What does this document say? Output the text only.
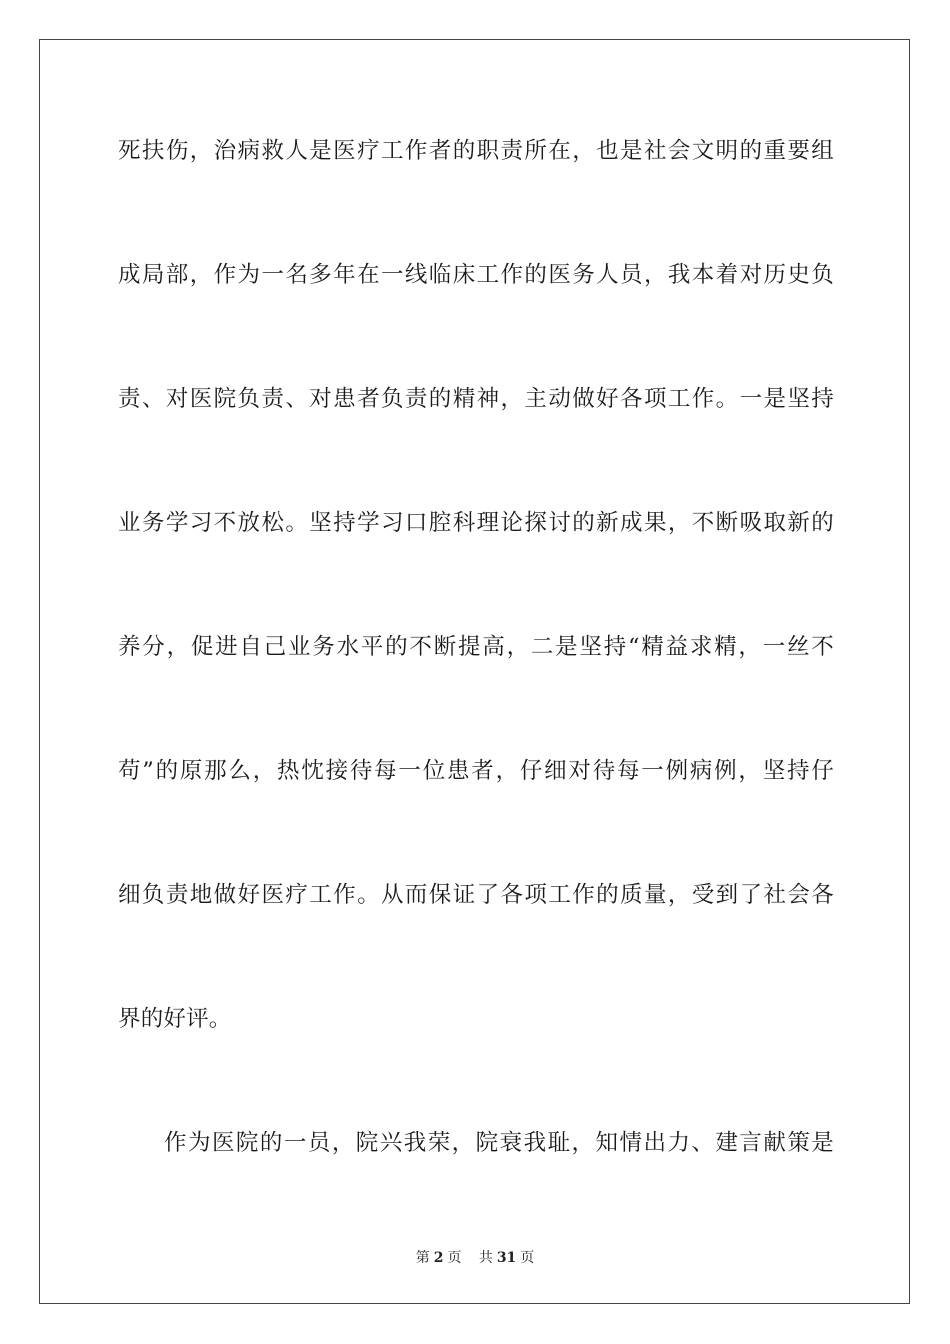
死扶伤，治病救人是医疗工作者的职责所在，也是社会文明的重要组
成局部，作为一名多年在一线临床工作的医务人员，我本着对历史负
责、对医院负责、对患者负责的精神，主动做好各项工作。一是坚持
业务学习不放松。坚持学习口腔科理论探讨的新成果，不断吸取新的
养分，促进自己业务水平的不断提高，二是坚持“精益求精，一丝不
苟”的原那么，热忱接待每一位患者，仔细对待每一例病例，坚持仔
细负责地做好医疗工作。从而保证了各项工作的质量，受到了社会各
界的好评。
作为医院的一员，院兴我荣，院衰我耻，知情出力、建言献策是
第 2 页 共 31 页
